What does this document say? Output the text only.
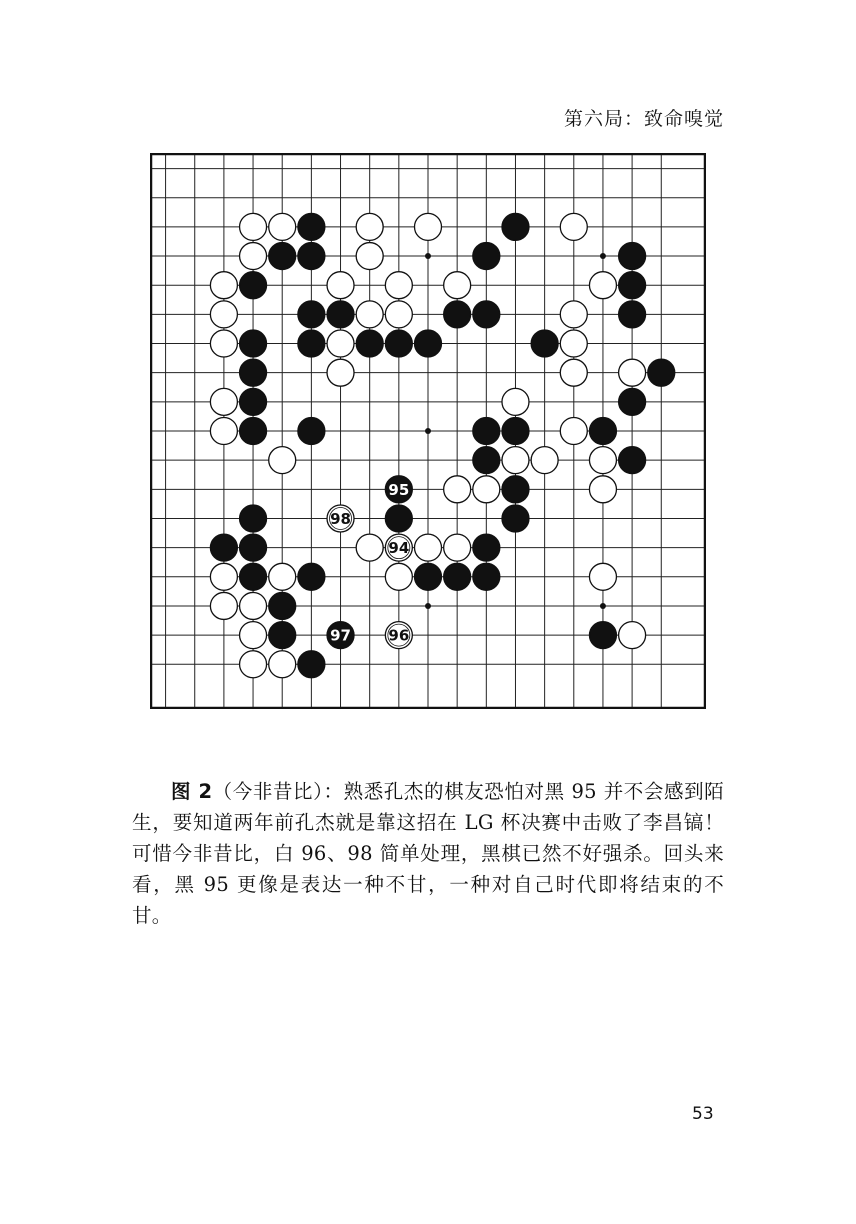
第六局：致命嗅觉
95
94
96
97
98

图 2（今非昔比）：熟悉孔杰的棋友恐怕对黑 95 并不会感到陌生，要知道两年前孔杰就是靠这招在 LG 杯决赛中击败了李昌镐！可惜今非昔比，白 96、98 简单处理，黑棋已然不好强杀。回头来看，黑 95 更像是表达一种不甘，一种对自己时代即将结束的不甘。

53
